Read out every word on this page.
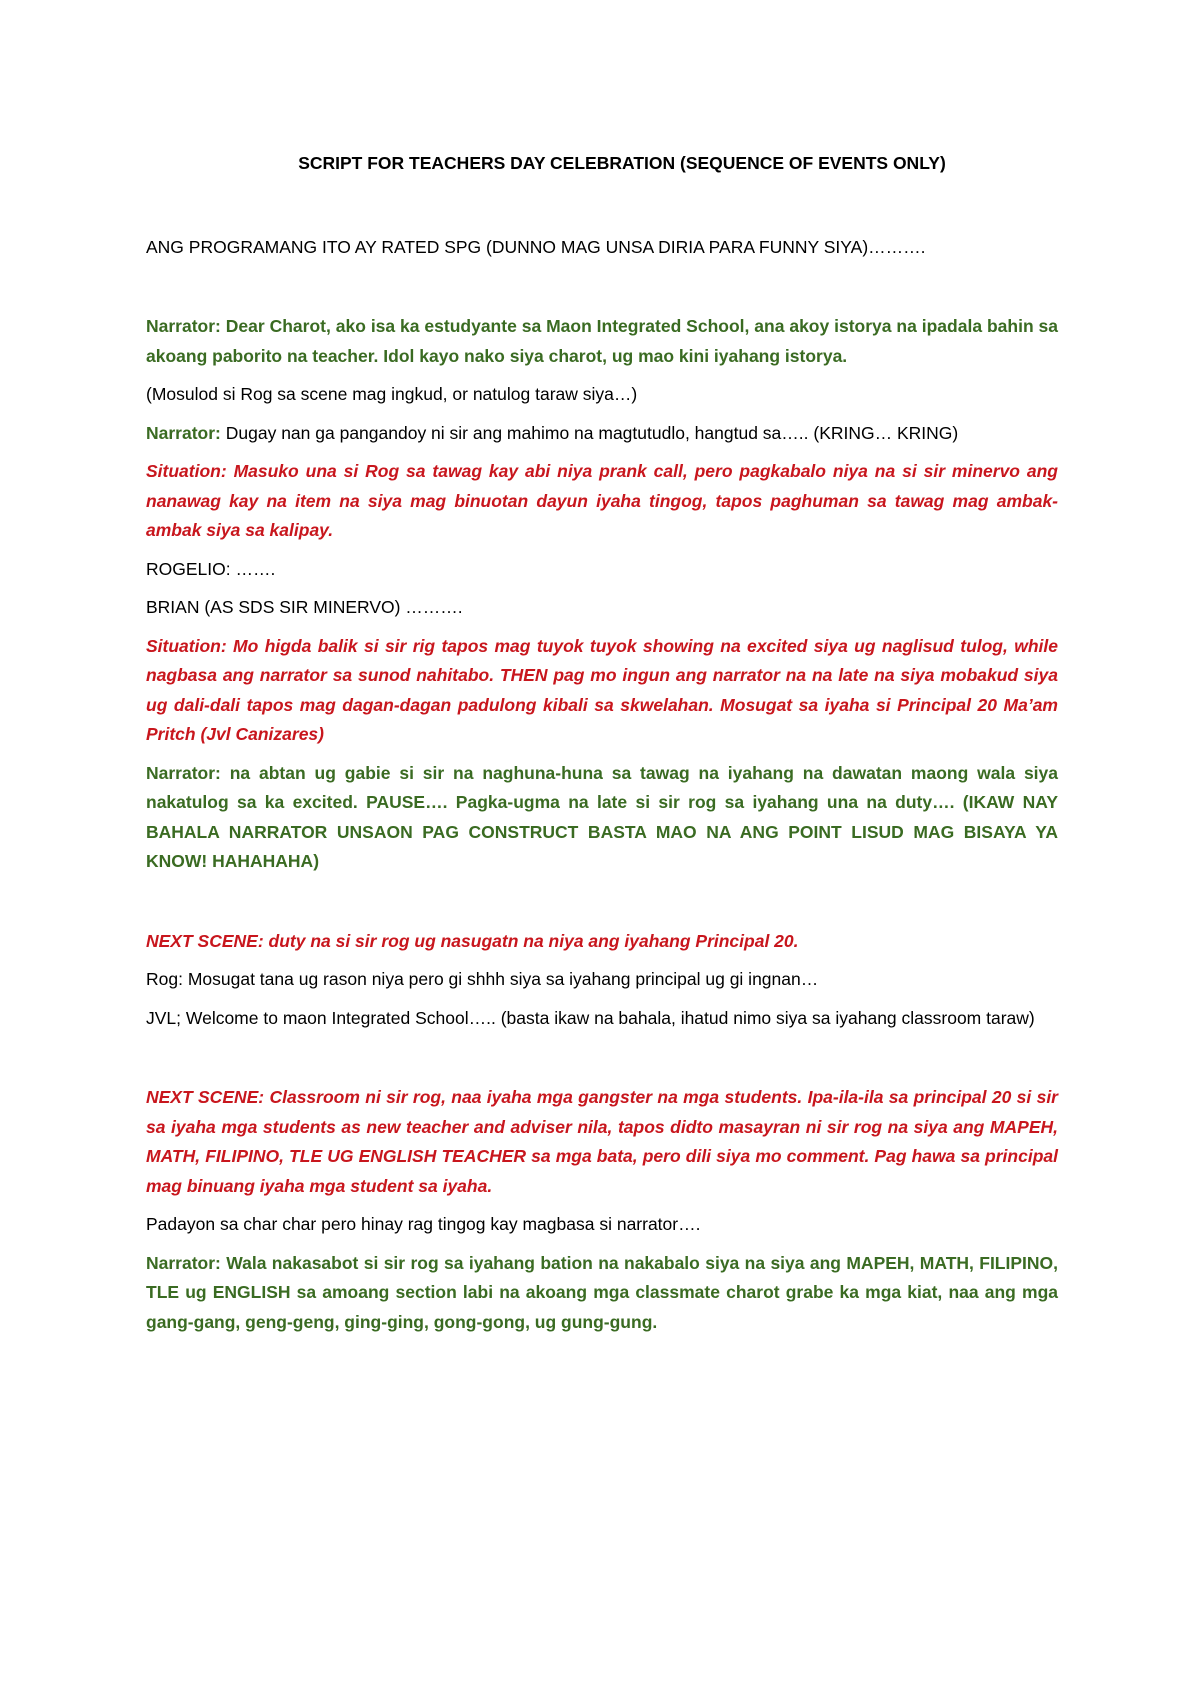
SCRIPT FOR TEACHERS DAY CELEBRATION (SEQUENCE OF EVENTS ONLY)

ANG PROGRAMANG ITO AY RATED SPG (DUNNO MAG UNSA DIRIA PARA FUNNY SIYA)……….

Narrator: Dear Charot, ako isa ka estudyante sa Maon Integrated School, ana akoy istorya na ipadala bahin sa akoang paborito na teacher. Idol kayo nako siya charot, ug mao kini iyahang istorya.

(Mosulod si Rog sa scene mag ingkud, or natulog taraw siya…)

Narrator: Dugay nan ga pangandoy ni sir ang mahimo na magtutudlo, hangtud sa….. (KRING… KRING)

Situation: Masuko una si Rog sa tawag kay abi niya prank call, pero pagkabalo niya na si sir minervo ang nanawag kay na item na siya mag binuotan dayun iyaha tingog, tapos paghuman sa tawag mag ambak-ambak siya sa kalipay.

ROGELIO: …….

BRIAN (AS SDS SIR MINERVO) ……….

Situation: Mo higda balik si sir rig tapos mag tuyok tuyok showing na excited siya ug naglisud tulog, while nagbasa ang narrator sa sunod nahitabo. THEN pag mo ingun ang narrator na na late na siya mobakud siya ug dali-dali tapos mag dagan-dagan padulong kibali sa skwelahan. Mosugat sa iyaha si Principal 20 Ma’am Pritch (Jvl Canizares)

Narrator: na abtan ug gabie si sir na naghuna-huna sa tawag na iyahang na dawatan maong wala siya nakatulog sa ka excited. PAUSE…. Pagka-ugma na late si sir rog sa iyahang una na duty…. (IKAW NAY BAHALA NARRATOR UNSAON PAG CONSTRUCT BASTA MAO NA ANG POINT LISUD MAG BISAYA YA KNOW! HAHAHAHA)

NEXT SCENE: duty na si sir rog ug nasugatn na niya ang iyahang Principal 20.

Rog: Mosugat tana ug rason niya pero gi shhh siya sa iyahang principal ug gi ingnan…

JVL; Welcome to maon Integrated School….. (basta ikaw na bahala, ihatud nimo siya sa iyahang classroom taraw)

NEXT SCENE: Classroom ni sir rog, naa iyaha mga gangster na mga students. Ipa-ila-ila sa principal 20 si sir sa iyaha mga students as new teacher and adviser nila, tapos didto masayran ni sir rog na siya ang MAPEH, MATH, FILIPINO, TLE UG ENGLISH TEACHER sa mga bata, pero dili siya mo comment. Pag hawa sa principal mag binuang iyaha mga student sa iyaha.

Padayon sa char char pero hinay rag tingog kay magbasa si narrator….

Narrator: Wala nakasabot si sir rog sa iyahang bation na nakabalo siya na siya ang MAPEH, MATH, FILIPINO, TLE ug ENGLISH sa amoang section labi na akoang mga classmate charot grabe ka mga kiat, naa ang mga gang-gang, geng-geng, ging-ging, gong-gong, ug gung-gung.
